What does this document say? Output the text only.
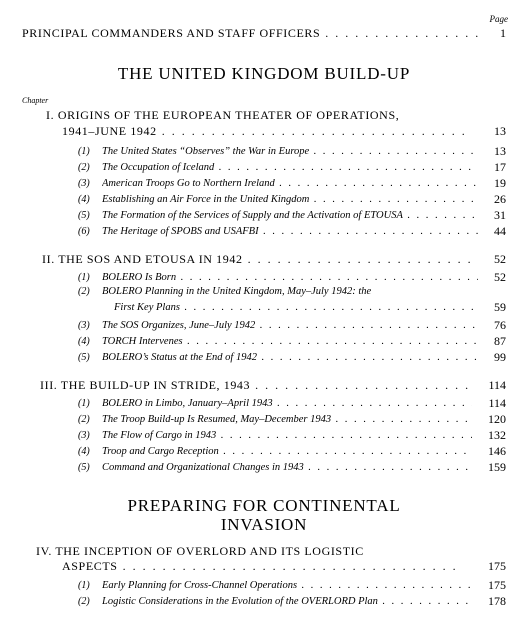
Page
PRINCIPAL COMMANDERS AND STAFF OFFICERS . . .	1
THE UNITED KINGDOM BUILD-UP
Chapter
I. ORIGINS OF THE EUROPEAN THEATER OF OPERATIONS,
1941–JUNE 1942 . . .	13
(1) The United States “Observes” the War in Europe . . .	13
(2) The Occupation of Iceland . . .	17
(3) American Troops Go to Northern Ireland . . .	19
(4) Establishing an Air Force in the United Kingdom . . .	26
(5) The Formation of the Services of Supply and the Activation of ETOUSA . . .	31
(6) The Heritage of SPOBS and USAFBI . . .	44
II. THE SOS AND ETOUSA IN 1942 . . .	52
(1) BOLERO Is Born . . .	52
(2) BOLERO Planning in the United Kingdom, May–July 1942: the
First Key Plans . . .	59
(3) The SOS Organizes, June–July 1942 . . .	76
(4) TORCH Intervenes . . .	87
(5) BOLERO’s Status at the End of 1942 . . .	99
III. THE BUILD-UP IN STRIDE, 1943 . . .	114
(1) BOLERO in Limbo, January–April 1943 . . .	114
(2) The Troop Build-up Is Resumed, May–December 1943 . . .	120
(3) The Flow of Cargo in 1943 . . .	132
(4) Troop and Cargo Reception . . .	146
(5) Command and Organizational Changes in 1943 . . .	159
PREPARING FOR CONTINENTAL
INVASION
IV. THE INCEPTION OF OVERLORD AND ITS LOGISTIC
ASPECTS . . .	175
(1) Early Planning for Cross-Channel Operations . . .	175
(2) Logistic Considerations in the Evolution of the OVERLORD Plan . . .	178
